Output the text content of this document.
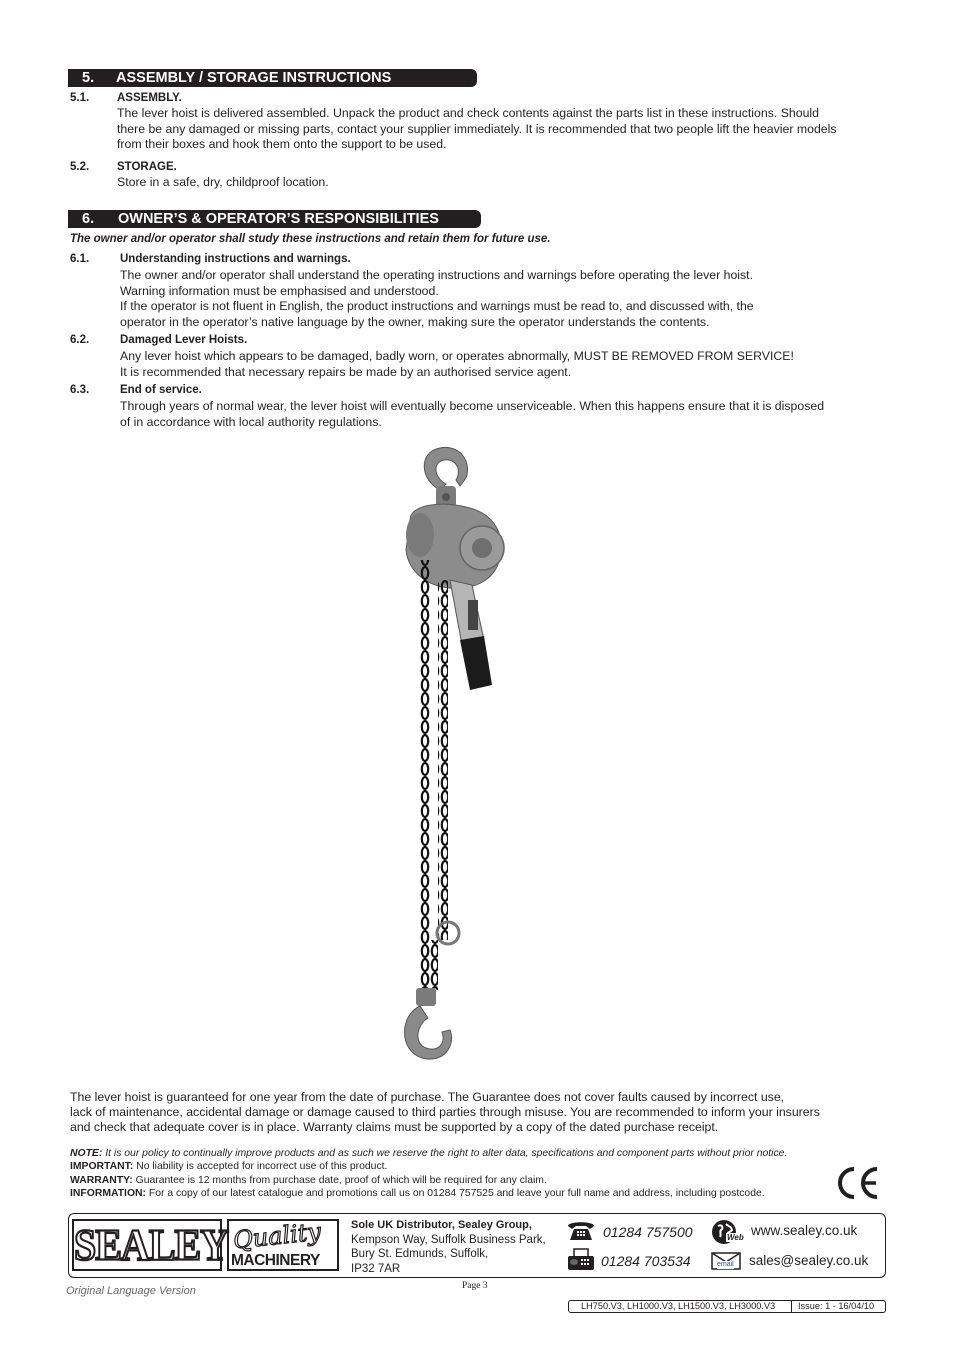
5. ASSEMBLY / STORAGE INSTRUCTIONS
5.1. ASSEMBLY.
The lever hoist is delivered assembled. Unpack the product and check contents against the parts list in these instructions. Should
there be any damaged or missing parts, contact your supplier immediately. It is recommended that two people lift the heavier models
from their boxes and hook them onto the support to be used.
5.2. STORAGE.
Store in a safe, dry, childproof location.
6. OWNER’S & OPERATOR’S RESPONSIBILITIES
The owner and/or operator shall study these instructions and retain them for future use.
6.1.	Understanding instructions and warnings.
The owner and/or operator shall understand the operating instructions and warnings before operating the lever hoist.
Warning information must be emphasised and understood.
If the operator is not fluent in English, the product instructions and warnings must be read to, and discussed with, the
operator in the operator’s native language by the owner, making sure the operator understands the contents.
6.2.	Damaged Lever Hoists.
Any lever hoist which appears to be damaged, badly worn, or operates abnormally, MUST BE REMOVED FROM SERVICE!
It is recommended that necessary repairs be made by an authorised service agent.
6.3.	End of service.
Through years of normal wear, the lever hoist will eventually become unserviceable. When this happens ensure that it is disposed
of in accordance with local authority regulations.
The lever hoist is guaranteed for one year from the date of purchase. The Guarantee does not cover faults caused by incorrect use,
lack of maintenance, accidental damage or damage caused to third parties through misuse. You are recommended to inform your insurers
and check that adequate cover is in place. Warranty claims must be supported by a copy of the dated purchase receipt.
NOTE: It is our policy to continually improve products and as such we reserve the right to alter data, specifications and component parts without prior notice.
IMPORTANT: No liability is accepted for incorrect use of this product.
WARRANTY: Guarantee is 12 months from purchase date, proof of which will be required for any claim.
INFORMATION: For a copy of our latest catalogue and promotions call us on 01284 757525 and leave your full name and address, including postcode.
SEALEY Quality
MACHINERY
Sole UK Distributor, Sealey Group,
Kempson Way, Suffolk Business Park,
Bury St. Edmunds, Suffolk,
IP32 7AR
01284 757500
01284 703534
Web www.sealey.co.uk
email sales@sealey.co.uk
Page 3
Original Language Version
LH750.V3, LH1000.V3, LH1500.V3, LH3000.V3 Issue: 1 - 16/04/10
